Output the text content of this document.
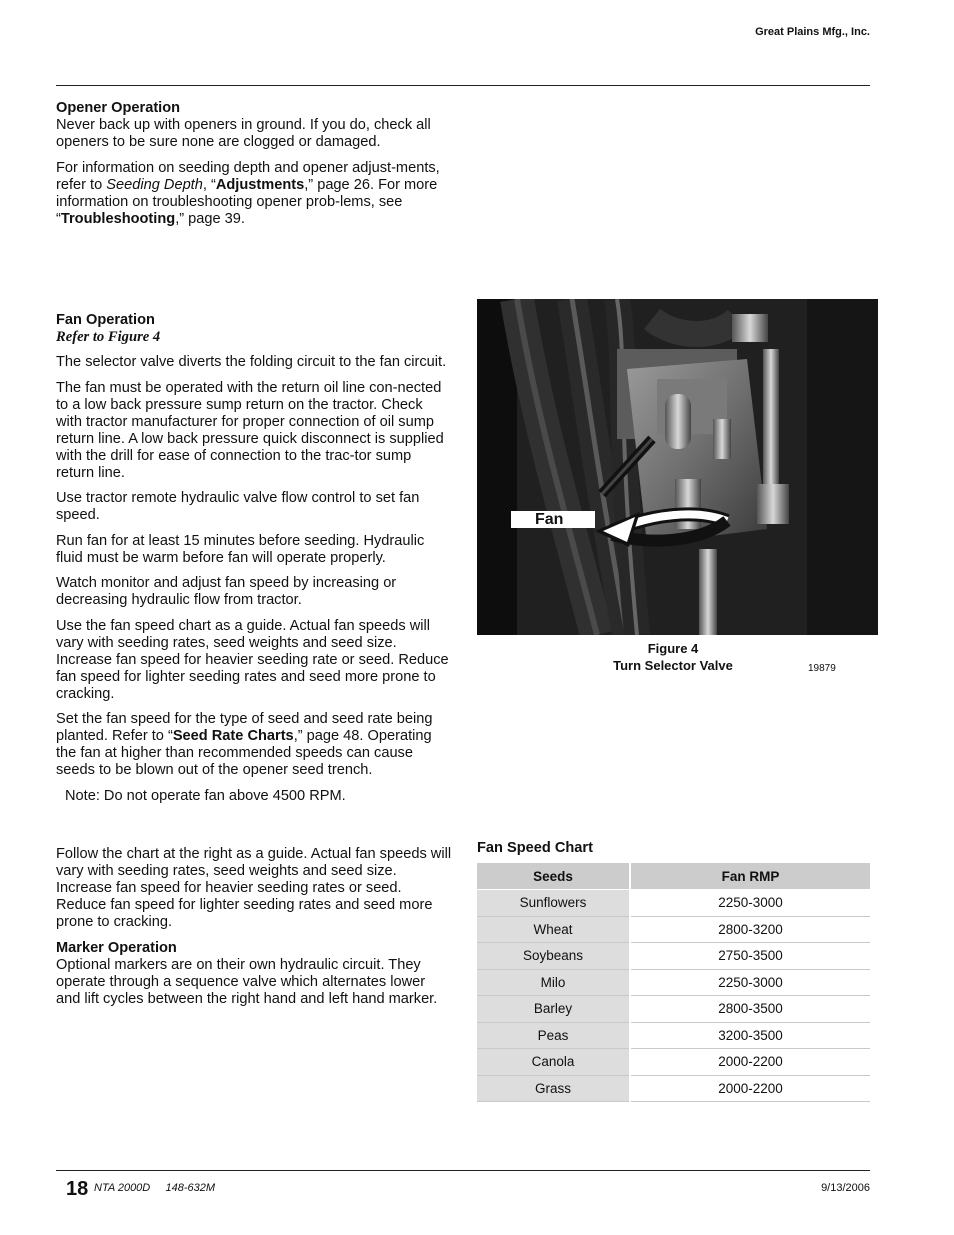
Great Plains Mfg., Inc.
Opener Operation

Never back up with openers in ground. If you do, check all openers to be sure none are clogged or damaged.

For information on seeding depth and opener adjust-ments, refer to Seeding Depth, “Adjustments,” page 26. For more information on troubleshooting opener prob-lems, see “Troubleshooting,” page 39.

Fan Operation
Refer to Figure 4

The selector valve diverts the folding circuit to the fan circuit.

The fan must be operated with the return oil line con-nected to a low back pressure sump return on the tractor. Check with tractor manufacturer for proper connection of oil sump return line. A low back pressure quick disconnect is supplied with the drill for ease of connection to the trac-tor sump return line.

Use tractor remote hydraulic valve flow control to set fan speed.

Run fan for at least 15 minutes before seeding. Hydraulic fluid must be warm before fan will operate properly.

Watch monitor and adjust fan speed by increasing or decreasing hydraulic flow from tractor.

Use the fan speed chart as a guide. Actual fan speeds will vary with seeding rates, seed weights and seed size. Increase fan speed for heavier seeding rate or seed. Reduce fan speed for lighter seeding rates and seed more prone to cracking.

Set the fan speed for the type of seed and seed rate being planted. Refer to “Seed Rate Charts,” page 48. Operating the fan at higher than recommended speeds can cause seeds to be blown out of the opener seed trench.

Note: Do not operate fan above 4500 RPM.

Follow the chart at the right as a guide. Actual fan speeds will vary with seeding rates, seed weights and seed size. Increase fan speed for heavier seeding rates or seed. Reduce fan speed for lighter seeding rates and seed more prone to cracking.

Marker Operation

Optional markers are on their own hydraulic circuit. They operate through a sequence valve which alternates lower and lift cycles between the right hand and left hand marker.

Fan
Figure 4
Turn Selector Valve	19879
Fan Speed Chart
Seeds	Fan RMP
Sunflowers	2250-3000
Wheat	2800-3200
Soybeans	2750-3500
Milo	2250-3000
Barley	2800-3500
Peas	3200-3500
Canola	2000-2200
Grass	2000-2200
18 NTA 2000D     148-632M	9/13/2006
